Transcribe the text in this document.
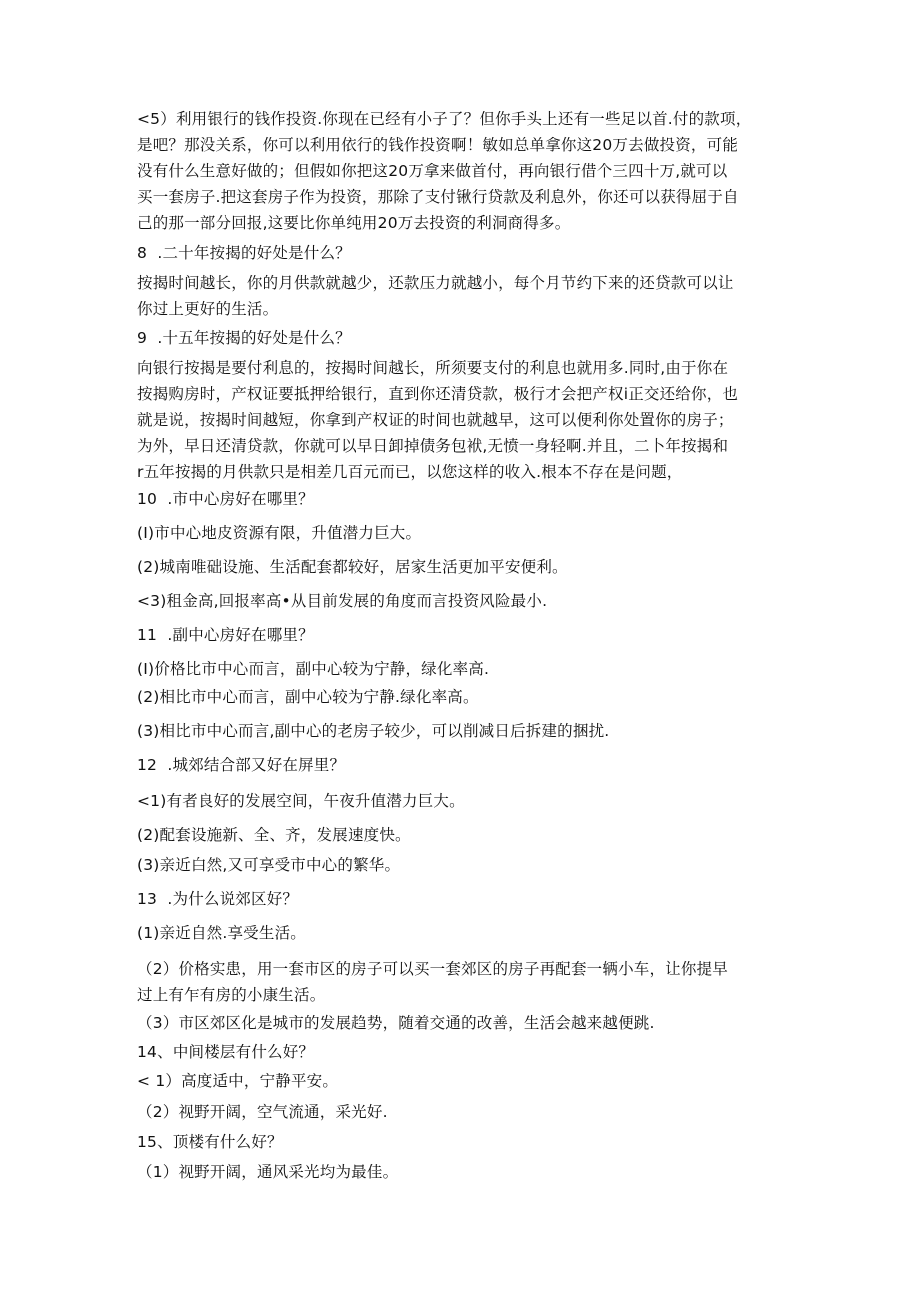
<5）利用银行的钱作投资.你现在已经有小子了？但你手头上还有一些足以首.付的款项，
是吧？那没关系，你可以利用依行的钱作投资啊！敏如总单拿你这20万去做投资，可能
没有什么生意好做的；但假如你把这20万拿来做首付，再向银行借个三四十万,就可以
买一套房子.把这套房子作为投资，那除了支付锹行贷款及利息外，你还可以获得屈于自
己的那一部分回报,这要比你单纯用20万去投资的利洞商得多。

8  .二十年按揭的好处是什么？

按揭时间越长，你的月供款就越少，还款压力就越小，每个月节约下来的还贷款可以让
你过上更好的生活。

9  .十五年按揭的好处是什么？

向银行按揭是要付利息的，按揭时间越长，所须要支付的利息也就用多.同时,由于你在
按揭购房时，产权证要抵押给银行，直到你还清贷款，极行才会把产权i正交还给你，也
就是说，按揭时间越短，你拿到产权证的时间也就越早，这可以便利你处置你的房子；
为外，早日还清贷款，你就可以早日卸掉债务包袱,无愤一身轻啊.并且，二卜年按揭和
r五年按揭的月供款只是相差几百元而已，以您这样的收入.根本不存在是问题，

10  .市中心房好在哪里？

(I)市中心地皮资源有限，升值潜力巨大。

(2)城南唯础设施、生活配套都较好，居家生活更加平安便利。

<3)租金高,回报率高•从目前发展的角度而言投资风险最小.

11  .副中心房好在哪里？

(I)价格比市中心而言，副中心较为宁静，绿化率高.

(2)相比市中心而言，副中心较为宁静.绿化率高。

(3)相比市中心而言,副中心的老房子较少，可以削减日后拆建的捆扰.

12  .城郊结合部又好在屏里？

<1)有者良好的发展空间，午夜升值潜力巨大。

(2)配套设施新、全、齐，发展速度快。

(3)亲近白然,又可享受市中心的繁华。

13  .为什么说郊区好？

(1)亲近自然.享受生活。

（2）价格实患，用一套市区的房子可以买一套郊区的房子再配套一辆小车，让你提早
过上有乍有房的小康生活。

（3）市区郊区化是城市的发展趋势，随着交通的改善，生活会越来越便跳.

14、中间楼层有什么好？

< 1）高度适中，宁静平安。

（2）视野开阔，空气流通，采光好.

15、顶楼有什么好？

（1）视野开阔，通风采光均为最佳。
